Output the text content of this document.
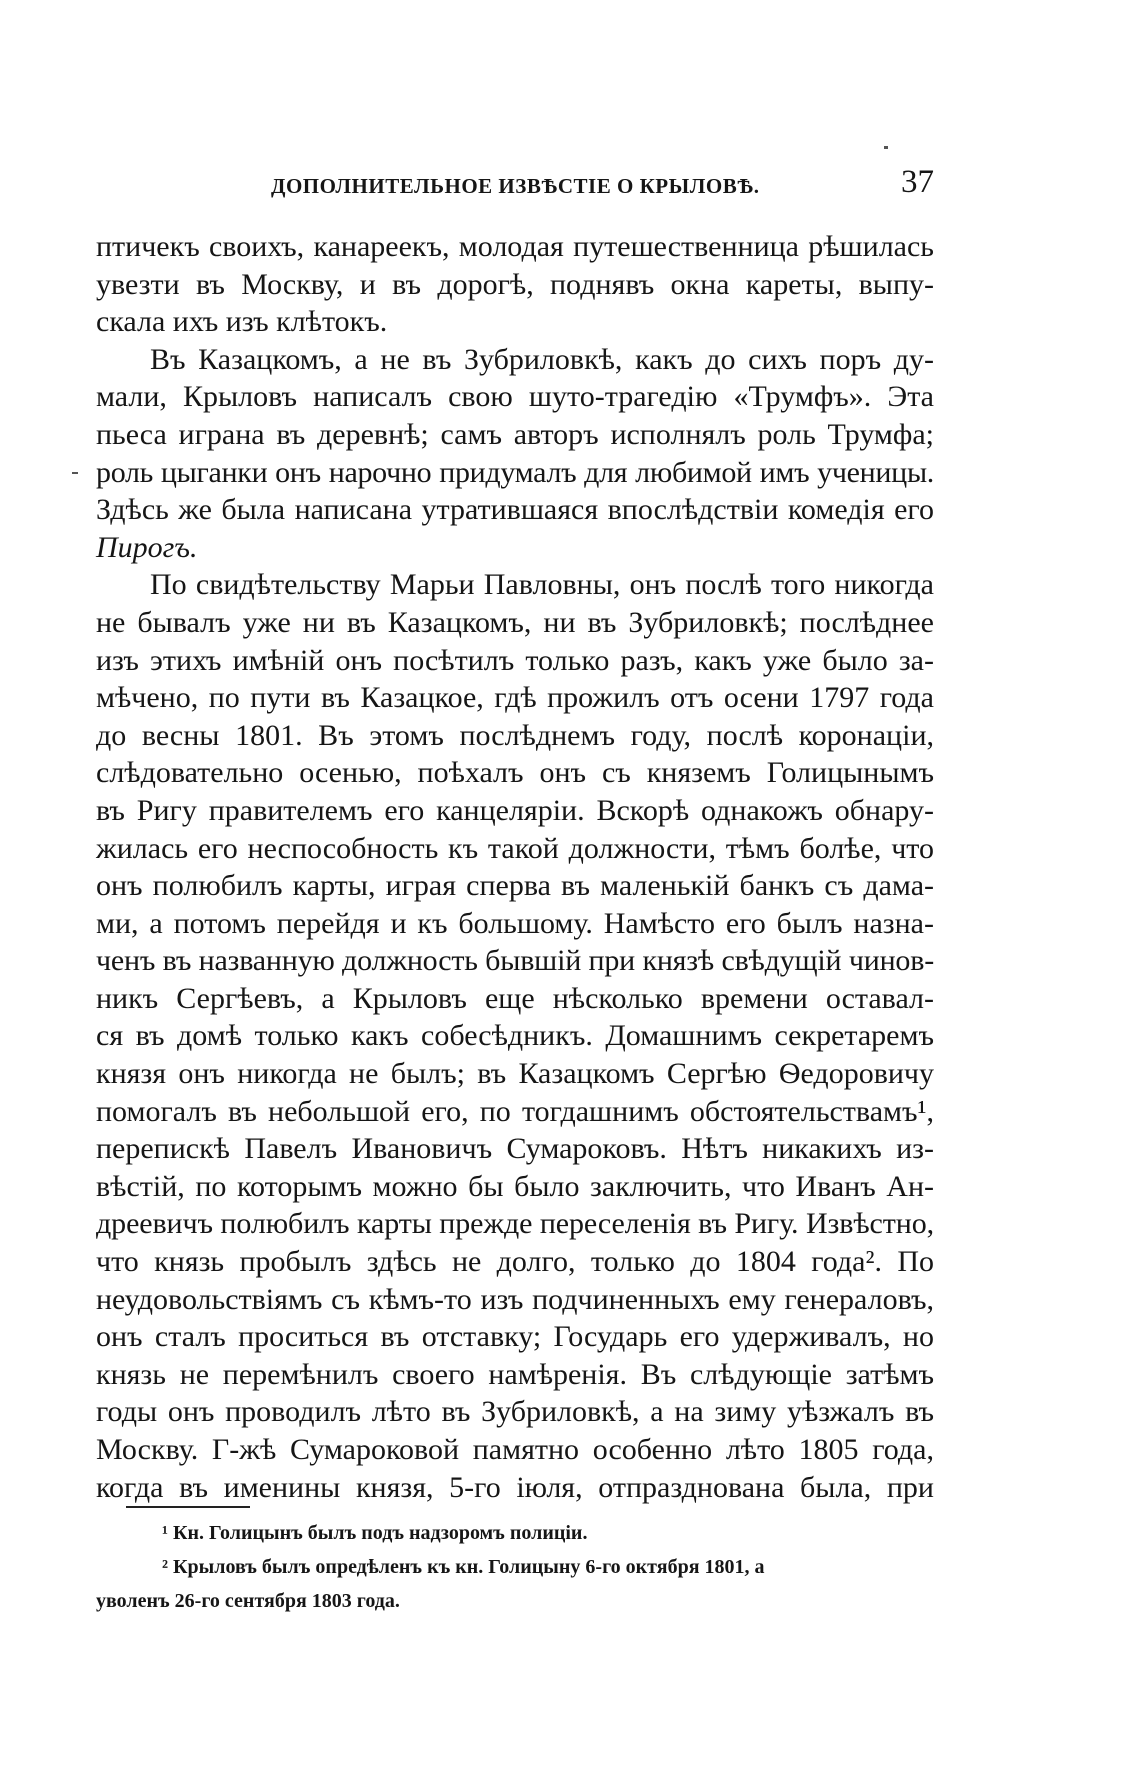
ДОПОЛНИТЕЛЬНОЕ ИЗВѢСТIЕ О КРЫЛОВѢ.	37

птичекъ своихъ, канареекъ, молодая путешественница рѣшилась
увезти въ Москву, и въ дорогѣ, поднявъ окна кареты, выпу-
скала ихъ изъ клѣтокъ.

Въ Казацкомъ, а не въ Зубриловкѣ, какъ до сихъ поръ ду-
мали, Крыловъ написалъ свою шуто-трагедію «Трумфъ». Эта
пьеса играна въ деревнѣ; самъ авторъ исполнялъ роль Трумфа;
роль цыганки онъ нарочно придумалъ для любимой имъ ученицы.
Здѣсь же была написана утратившаяся впослѣдствіи комедія его
Пирогъ.

По свидѣтельству Марьи Павловны, онъ послѣ того никогда
не бывалъ уже ни въ Казацкомъ, ни въ Зубриловкѣ; послѣднее
изъ этихъ имѣній онъ посѣтилъ только разъ, какъ уже было за-
мѣчено, по пути въ Казацкое, гдѣ прожилъ отъ осени 1797 года
до весны 1801. Въ этомъ послѣднемъ году, послѣ коронаціи,
слѣдовательно осенью, поѣхалъ онъ съ княземъ Голицынымъ
въ Ригу правителемъ его канцеляріи. Вскорѣ однакожъ обнару-
жилась его неспособность къ такой должности, тѣмъ болѣе, что
онъ полюбилъ карты, играя сперва въ маленькій банкъ съ дама-
ми, а потомъ перейдя и къ большому. Намѣсто его былъ назна-
ченъ въ названную должность бывшій при князѣ свѣдущій чинов-
никъ Сергѣевъ, а Крыловъ еще нѣсколько времени оставал-
ся въ домѣ только какъ собесѣдникъ. Домашнимъ секретаремъ
князя онъ никогда не былъ; въ Казацкомъ Сергѣю Ѳедоровичу
помогалъ въ небольшой его, по тогдашнимъ обстоятельствамъ¹,
перепискѣ Павелъ Ивановичъ Сумароковъ. Нѣтъ никакихъ из-
вѣстій, по которымъ можно бы было заключить, что Иванъ Ан-
дреевичъ полюбилъ карты прежде переселенія въ Ригу. Извѣстно,
что князь пробылъ здѣсь не долго, только до 1804 года². По
неудовольствіямъ съ кѣмъ-то изъ подчиненныхъ ему генераловъ,
онъ сталъ проситься въ отставку; Государь его удерживалъ, но
князь не перемѣнилъ своего намѣренія. Въ слѣдующіе затѣмъ
годы онъ проводилъ лѣто въ Зубриловкѣ, а на зиму уѣзжалъ въ
Москву. Г-жѣ Сумароковой памятно особенно лѣто 1805 года,
когда въ именины князя, 5-го іюля, отпразднована была, при

¹ Кн. Голицынъ былъ подъ надзоромъ полиціи.
² Крыловъ былъ опредѣленъ къ кн. Голицыну 6-го октября 1801, а
уволенъ 26-го сентября 1803 года.
